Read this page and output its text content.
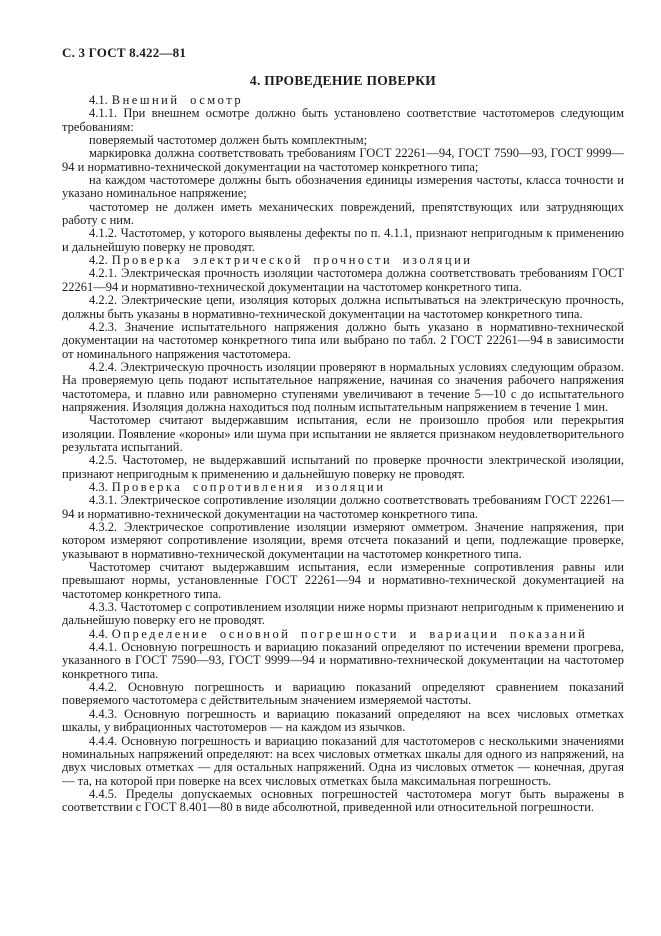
С. 3 ГОСТ 8.422—81
4. ПРОВЕДЕНИЕ ПОВЕРКИ
4.1. Внешний осмотр

4.1.1. При внешнем осмотре должно быть установлено соответствие частотомеров следующим требованиям:

поверяемый частотомер должен быть комплектным;

маркировка должна соответствовать требованиям ГОСТ 22261—94, ГОСТ 7590—93, ГОСТ 9999—94 и нормативно-технической документации на частотомер конкретного типа;

на каждом частотомере должны быть обозначения единицы измерения частоты, класса точности и указано номинальное напряжение;

частотомер не должен иметь механических повреждений, препятствующих или затрудняющих работу с ним.

4.1.2. Частотомер, у которого выявлены дефекты по п. 4.1.1, признают непригодным к применению и дальнейшую поверку не проводят.

4.2. Проверка электрической прочности изоляции

4.2.1. Электрическая прочность изоляции частотомера должна соответствовать требованиям ГОСТ 22261—94 и нормативно-технической документации на частотомер конкретного типа.

4.2.2. Электрические цепи, изоляция которых должна испытываться на электрическую прочность, должны быть указаны в нормативно-технической документации на частотомер конкретного типа.

4.2.3. Значение испытательного напряжения должно быть указано в нормативно-технической документации на частотомер конкретного типа или выбрано по табл. 2 ГОСТ 22261—94 в зависимости от номинального напряжения частотомера.

4.2.4. Электрическую прочность изоляции проверяют в нормальных условиях следующим образом. На проверяемую цепь подают испытательное напряжение, начиная со значения рабочего напряжения частотомера, и плавно или равномерно ступенями увеличивают в течение 5—10 с до испытательного напряжения. Изоляция должна находиться под полным испытательным напряжением в течение 1 мин.

Частотомер считают выдержавшим испытания, если не произошло пробоя или перекрытия изоляции. Появление «короны» или шума при испытании не является признаком неудовлетворительного результата испытаний.

4.2.5. Частотомер, не выдержавший испытаний по проверке прочности электрической изоляции, признают непригодным к применению и дальнейшую поверку не проводят.

4.3. Проверка сопротивления изоляции

4.3.1. Электрическое сопротивление изоляции должно соответствовать требованиям ГОСТ 22261—94 и нормативно-технической документации на частотомер конкретного типа.

4.3.2. Электрическое сопротивление изоляции измеряют омметром. Значение напряжения, при котором измеряют сопротивление изоляции, время отсчета показаний и цепи, подлежащие проверке, указывают в нормативно-технической документации на частотомер конкретного типа.

Частотомер считают выдержавшим испытания, если измеренные сопротивления равны или превышают нормы, установленные ГОСТ 22261—94 и нормативно-технической документацией на частотомер конкретного типа.

4.3.3. Частотомер с сопротивлением изоляции ниже нормы признают непригодным к применению и дальнейшую поверку его не проводят.

4.4. Определение основной погрешности и вариации показаний

4.4.1. Основную погрешность и вариацию показаний определяют по истечении времени прогрева, указанного в ГОСТ 7590—93, ГОСТ 9999—94 и нормативно-технической документации на частотомер конкретного типа.

4.4.2. Основную погрешность и вариацию показаний определяют сравнением показаний поверяемого частотомера с действительным значением измеряемой частоты.

4.4.3. Основную погрешность и вариацию показаний определяют на всех числовых отметках шкалы, у вибрационных частотомеров — на каждом из язычков.

4.4.4. Основную погрешность и вариацию показаний для частотомеров с несколькими значениями номинальных напряжений определяют: на всех числовых отметках шкалы для одного из напряжений, на двух числовых отметках — для остальных напряжений. Одна из числовых отметок — конечная, другая — та, на которой при поверке на всех числовых отметках была максимальная погрешность.

4.4.5. Пределы допускаемых основных погрешностей частотомера могут быть выражены в соответствии с ГОСТ 8.401—80 в виде абсолютной, приведенной или относительной погрешности.
